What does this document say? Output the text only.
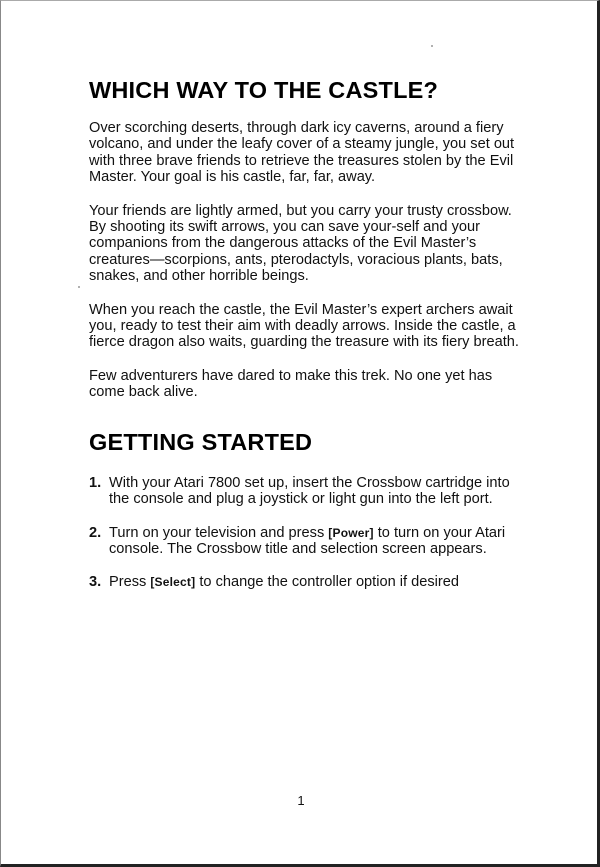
WHICH WAY TO THE CASTLE?

Over scorching deserts, through dark icy caverns, around a fiery volcano, and under the leafy cover of a steamy jungle, you set out with three brave friends to retrieve the treasures stolen by the Evil Master. Your goal is his castle, far, far, away.

Your friends are lightly armed, but you carry your trusty crossbow. By shooting its swift arrows, you can save your-self and your companions from the dangerous attacks of the Evil Master’s creatures—scorpions, ants, pterodactyls, voracious plants, bats, snakes, and other horrible beings.

When you reach the castle, the Evil Master’s expert archers await you, ready to test their aim with deadly arrows. Inside the castle, a fierce dragon also waits, guarding the treasure with its fiery breath.

Few adventurers have dared to make this trek. No one yet has come back alive.

GETTING STARTED
1. With your Atari 7800 set up, insert the Crossbow cartridge into the console and plug a joystick or light gun into the left port.
2. Turn on your television and press [Power] to turn on your Atari console. The Crossbow title and selection screen appears.
3. Press [Select] to change the controller option if desired
1
